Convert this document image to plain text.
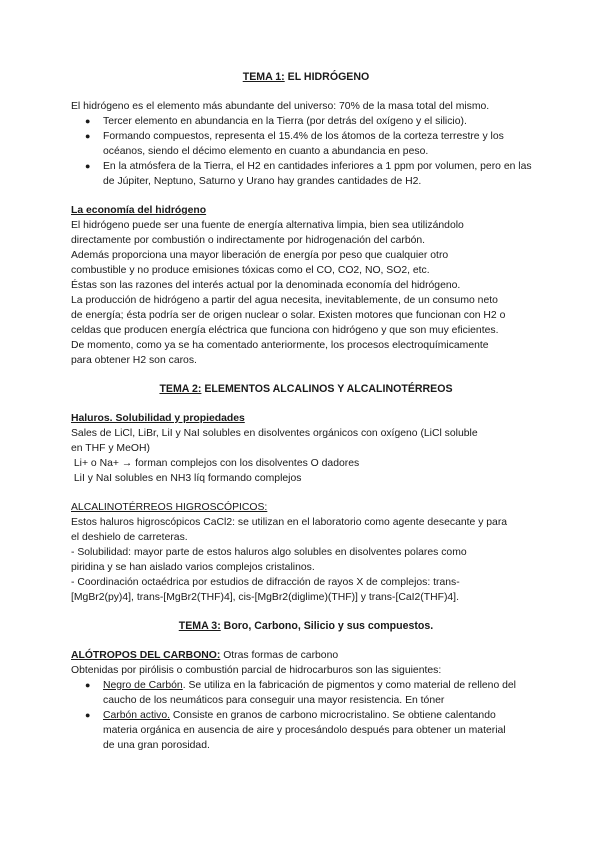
TEMA 1: EL HIDRÓGENO

El hidrógeno es el elemento más abundante del universo: 70% de la masa total del mismo.

● Tercer elemento en abundancia en la Tierra (por detrás del oxígeno y el silicio).
● Formando compuestos, representa el 15.4% de los átomos de la corteza terrestre y los océanos, siendo el décimo elemento en cuanto a abundancia en peso.
● En la atmósfera de la Tierra, el H2 en cantidades inferiores a 1 ppm por volumen, pero en las de Júpiter, Neptuno, Saturno y Urano hay grandes cantidades de H2.

La economía del hidrógeno

El hidrógeno puede ser una fuente de energía alternativa limpia, bien sea utilizándolo directamente por combustión o indirectamente por hidrogenación del carbón.

Además proporciona una mayor liberación de energía por peso que cualquier otro combustible y no produce emisiones tóxicas como el CO, CO2, NO, SO2, etc.

Éstas son las razones del interés actual por la denominada economía del hidrógeno.

La producción de hidrógeno a partir del agua necesita, inevitablemente, de un consumo neto de energía; ésta podría ser de origen nuclear o solar. Existen motores que funcionan con H2 o celdas que producen energía eléctrica que funciona con hidrógeno y que son muy eficientes. De momento, como ya se ha comentado anteriormente, los procesos electroquímicamente para obtener H2 son caros.

TEMA 2: ELEMENTOS ALCALINOS Y ALCALINOTÉRREOS

Haluros. Solubilidad y propiedades

Sales de LiCl, LiBr, LiI y NaI solubles en disolventes orgánicos con oxígeno (LiCl soluble en THF y MeOH)

Li+ o Na+ → forman complejos con los disolventes O dadores

LiI y NaI solubles en NH3 líq formando complejos

ALCALINOTÉRREOS HIGROSCÓPICOS:

Estos haluros higroscópicos CaCl2: se utilizan en el laboratorio como agente desecante y para el deshielo de carreteras.

- Solubilidad: mayor parte de estos haluros algo solubles en disolventes polares como piridina y se han aislado varios complejos cristalinos.

- Coordinación octaédrica por estudios de difracción de rayos X de complejos: trans-[MgBr2(py)4], trans-[MgBr2(THF)4], cis-[MgBr2(diglime)(THF)] y trans-[CaI2(THF)4].

TEMA 3: Boro, Carbono, Silicio y sus compuestos.

ALÓTROPOS DEL CARBONO: Otras formas de carbono

Obtenidas por pirólisis o combustión parcial de hidrocarburos son las siguientes:

● Negro de Carbón. Se utiliza en la fabricación de pigmentos y como material de relleno del caucho de los neumáticos para conseguir una mayor resistencia. En tóner
● Carbón activo. Consiste en granos de carbono microcristalino. Se obtiene calentando materia orgánica en ausencia de aire y procesándolo después para obtener un material de una gran porosidad.
